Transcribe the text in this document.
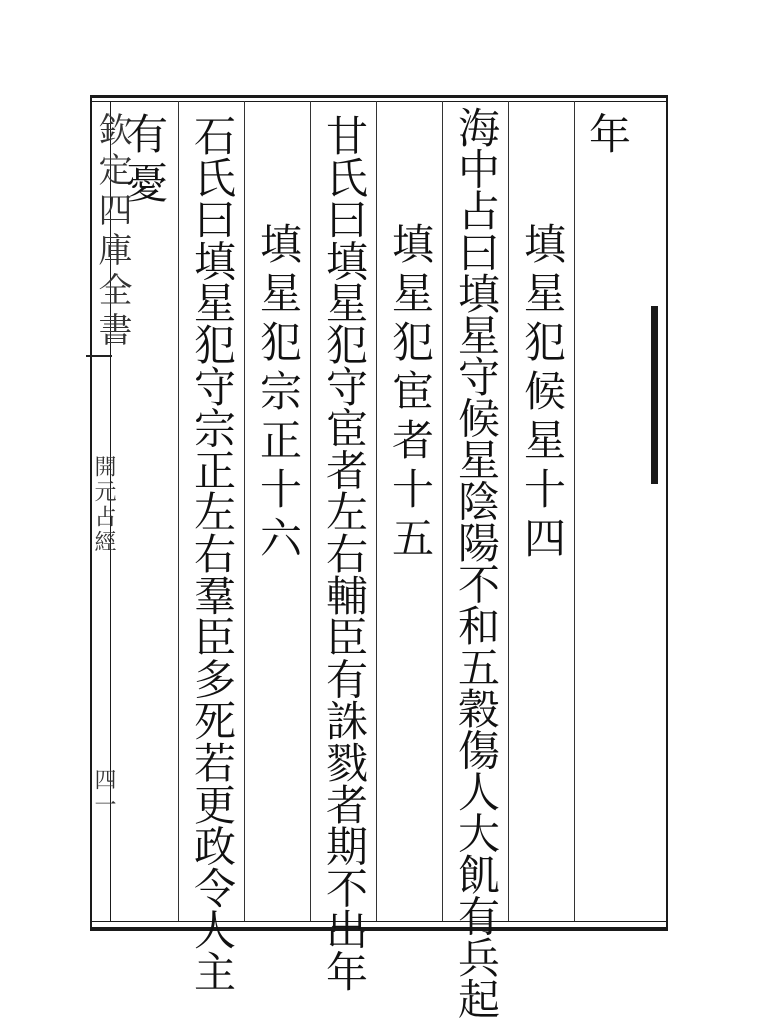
欽定四庫全書
開元占經
四一
年
填星犯候星十四
海中占曰填星守候星陰陽不和五穀傷人大飢有兵起
填星犯宦者十五
甘氏曰填星犯守宦者左右輔臣有誅戮者期不出年
填星犯宗正十六
石氏曰填星犯守宗正左右羣臣多死若更政令人主
有憂
